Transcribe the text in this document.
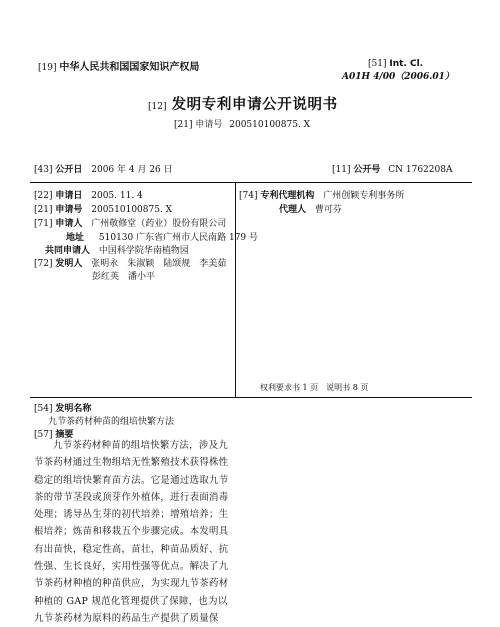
[19] 中华人民共和国国家知识产权局	[51] Int. Cl.
A01H 4/00（2006.01）
[12] 发明专利申请公开说明书
[21] 申请号 200510100875. X
[43] 公开日 2006 年 4 月 26 日	[11] 公开号 CN 1762208A
[22] 申请日 2005. 11. 4
[21] 申请号 200510100875. X
[71] 申请人 广州敬修堂（药业）股份有限公司
地址 510130 广东省广州市人民南路 179 号
共同申请人 中国科学院华南植物园
[72] 发明人 张明永　朱淑颖　陆颂规　李美茹
彭红英　潘小平
[74] 专利代理机构 广州创颖专利事务所
代理人 曹可芬
权利要求书 1 页　说明书 8 页
[54] 发明名称
九节茶药材种苗的组培快繁方法
[57] 摘要
九节茶药材种苗的组培快繁方法，涉及九节茶药材通过生物组培无性繁殖技术获得株性稳定的组培快繁育苗方法。它是通过选取九节茶的带节茎段或顶芽作外植体，进行表面消毒处理；诱导丛生芽的初代培养；增殖培养；生根培养；炼苗和移栽五个步骤完成。本发明具有出苗快，稳定性高，苗壮，种苗品质好、抗性强、生长良好，实用性强等优点。解决了九节茶药材种植的种苗供应，为实现九节茶药材种植的 GAP 规范化管理提供了保障，也为以九节茶药材为原料的药品生产提供了质量保
